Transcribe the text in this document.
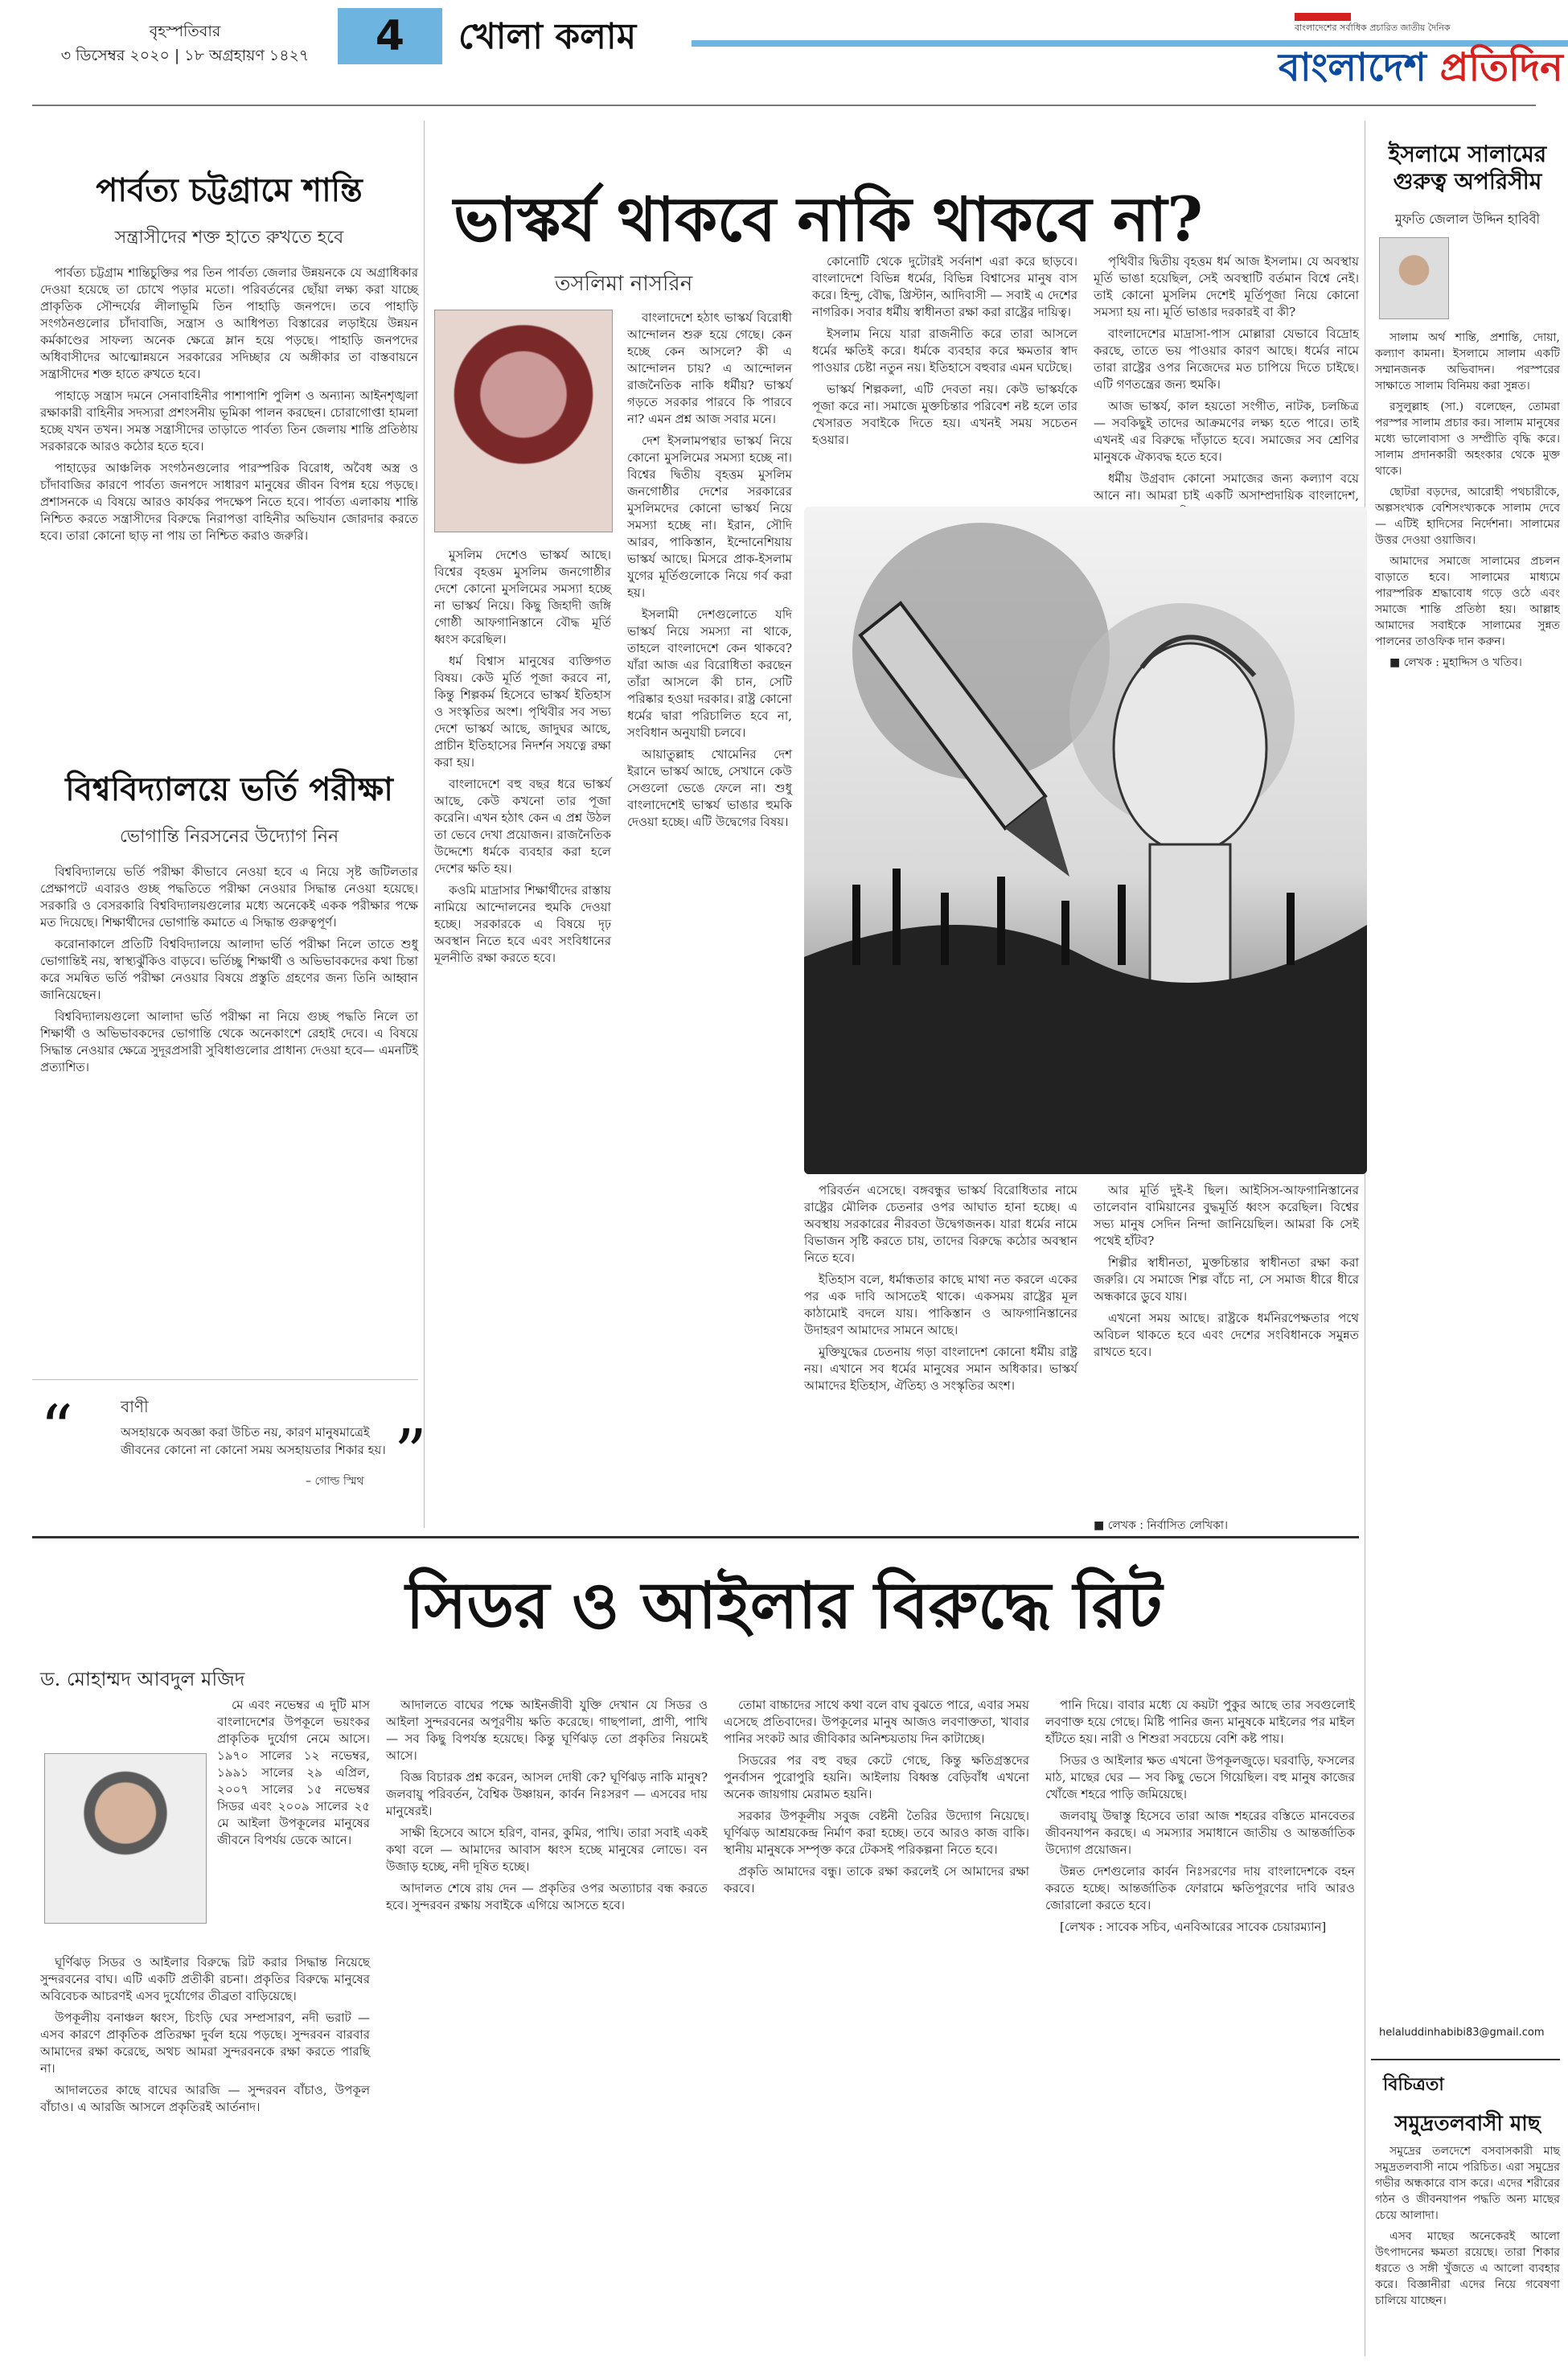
বৃহস্পতিবার
৩ ডিসেম্বর ২০২০ | ১৮ অগ্রহায়ণ ১৪২৭	4	খোলা কলাম	বাংলাদেশের সর্বাধিক প্রচারিত জাতীয় দৈনিক
বাংলাদেশ প্রতিদিন
পার্বত্য চট্টগ্রামে শান্তি
সন্ত্রাসীদের শক্ত হাতে রুখতে হবে

পার্বত্য চট্টগ্রাম শান্তিচুক্তির পর তিন পার্বত্য জেলার উন্নয়নকে যে অগ্রাধিকার দেওয়া হয়েছে তা চোখে পড়ার মতো। পরিবর্তনের ছোঁয়া লক্ষ্য করা যাচ্ছে প্রাকৃতিক সৌন্দর্যের লীলাভূমি তিন পাহাড়ি জনপদে। তবে পাহাড়ি সংগঠনগুলোর চাঁদাবাজি, সন্ত্রাস ও আধিপত্য বিস্তারের লড়াইয়ে উন্নয়ন কর্মকাণ্ডের সাফল্য অনেক ক্ষেত্রে ম্লান হয়ে পড়ছে। পাহাড়ি জনপদের অধিবাসীদের আত্মোন্নয়নে সরকারের সদিচ্ছার যে অঙ্গীকার তা বাস্তবায়নে সন্ত্রাসীদের শক্ত হাতে রুখতে হবে।

পাহাড়ে সন্ত্রাস দমনে সেনাবাহিনীর পাশাপাশি পুলিশ ও অন্যান্য আইনশৃঙ্খলা রক্ষাকারী বাহিনীর সদস্যরা প্রশংসনীয় ভূমিকা পালন করছেন। চোরাগোপ্তা হামলা হচ্ছে যখন তখন। সমস্ত সন্ত্রাসীদের তাড়াতে পার্বত্য তিন জেলায় শান্তি প্রতিষ্ঠায় সরকারকে আরও কঠোর হতে হবে।

পাহাড়ের আঞ্চলিক সংগঠনগুলোর পারস্পরিক বিরোধ, অবৈধ অস্ত্র ও চাঁদাবাজির কারণে পার্বত্য জনপদে সাধারণ মানুষের জীবন বিপন্ন হয়ে পড়ছে। প্রশাসনকে এ বিষয়ে আরও কার্যকর পদক্ষেপ নিতে হবে। পার্বত্য এলাকায় শান্তি নিশ্চিত করতে সন্ত্রাসীদের বিরুদ্ধে নিরাপত্তা বাহিনীর অভিযান জোরদার করতে হবে। তারা কোনো ছাড় না পায় তা নিশ্চিত করাও জরুরি।

বিশ্ববিদ্যালয়ে ভর্তি পরীক্ষা
ভোগান্তি নিরসনের উদ্যোগ নিন

বিশ্ববিদ্যালয়ে ভর্তি পরীক্ষা কীভাবে নেওয়া হবে এ নিয়ে সৃষ্ট জটিলতার প্রেক্ষাপটে এবারও গুচ্ছ পদ্ধতিতে পরীক্ষা নেওয়ার সিদ্ধান্ত নেওয়া হয়েছে। সরকারি ও বেসরকারি বিশ্ববিদ্যালয়গুলোর মধ্যে অনেকেই একক পরীক্ষার পক্ষে মত দিয়েছে। শিক্ষার্থীদের ভোগান্তি কমাতে এ সিদ্ধান্ত গুরুত্বপূর্ণ।

করোনাকালে প্রতিটি বিশ্ববিদ্যালয়ে আলাদা ভর্তি পরীক্ষা নিলে তাতে শুধু ভোগান্তিই নয়, স্বাস্থ্যঝুঁকিও বাড়বে। ভর্তিচ্ছু শিক্ষার্থী ও অভিভাবকদের কথা চিন্তা করে সমন্বিত ভর্তি পরীক্ষা নেওয়ার বিষয়ে প্রস্তুতি গ্রহণের জন্য তিনি আহ্বান জানিয়েছেন।

বিশ্ববিদ্যালয়গুলো আলাদা ভর্তি পরীক্ষা না নিয়ে গুচ্ছ পদ্ধতি নিলে তা শিক্ষার্থী ও অভিভাবকদের ভোগান্তি থেকে অনেকাংশে রেহাই দেবে। এ বিষয়ে সিদ্ধান্ত নেওয়ার ক্ষেত্রে সুদূরপ্রসারী সুবিধাগুলোর প্রাধান্য দেওয়া হবে— এমনটিই প্রত্যাশিত।

“	বাণী
অসহায়কে অবজ্ঞা করা উচিত নয়, কারণ মানুষমাত্রেই জীবনের কোনো না কোনো সময় অসহায়তার শিকার হয়।
– গোল্ড স্মিথ ”
ভাস্কর্য থাকবে নাকি থাকবে না?
তসলিমা নাসরিন

বাংলাদেশে হঠাৎ ভাস্কর্য বিরোধী আন্দোলন শুরু হয়ে গেছে। কেন হচ্ছে কেন আসলে? কী এ আন্দোলন চায়? এ আন্দোলন রাজনৈতিক নাকি ধর্মীয়? ভাস্কর্য গড়তে সরকার পারবে কি পারবে না? এমন প্রশ্ন আজ সবার মনে।

দেশ ইসলামপন্থার ভাস্কর্য নিয়ে কোনো মুসলিমের সমস্যা হচ্ছে না। বিশ্বের দ্বিতীয় বৃহত্তম মুসলিম জনগোষ্ঠীর দেশের সরকারের মুসলিমদের কোনো ভাস্কর্য নিয়ে সমস্যা হচ্ছে না। ইরান, সৌদি আরব, পাকিস্তান, ইন্দোনেশিয়ায় ভাস্কর্য আছে। মিসরে প্রাক-ইসলাম যুগের মূর্তিগুলোকে নিয়ে গর্ব করা হয়।

ইসলামী দেশগুলোতে যদি ভাস্কর্য নিয়ে সমস্যা না থাকে, তাহলে বাংলাদেশে কেন থাকবে? যাঁরা আজ এর বিরোধিতা করছেন তাঁরা আসলে কী চান, সেটি পরিষ্কার হওয়া দরকার। রাষ্ট্র কোনো ধর্মের দ্বারা পরিচালিত হবে না, সংবিধান অনুযায়ী চলবে।

আয়াতুল্লাহ খোমেনির দেশ ইরানে ভাস্কর্য আছে, সেখানে কেউ সেগুলো ভেঙে ফেলে না। শুধু বাংলাদেশেই ভাস্কর্য ভাঙার হুমকি দেওয়া হচ্ছে। এটি উদ্বেগের বিষয়।

মুসলিম দেশেও ভাস্কর্য আছে। বিশ্বের বৃহত্তম মুসলিম জনগোষ্ঠীর দেশে কোনো মুসলিমের সমস্যা হচ্ছে না ভাস্কর্য নিয়ে। কিছু জিহাদী জঙ্গি গোষ্ঠী আফগানিস্তানে বৌদ্ধ মূর্তি ধ্বংস করেছিল।

ধর্ম বিশ্বাস মানুষের ব্যক্তিগত বিষয়। কেউ মূর্তি পূজা করবে না, কিন্তু শিল্পকর্ম হিসেবে ভাস্কর্য ইতিহাস ও সংস্কৃতির অংশ। পৃথিবীর সব সভ্য দেশে ভাস্কর্য আছে, জাদুঘর আছে, প্রাচীন ইতিহাসের নিদর্শন সযত্নে রক্ষা করা হয়।

বাংলাদেশে বহু বছর ধরে ভাস্কর্য আছে, কেউ কখনো তার পূজা করেনি। এখন হঠাৎ কেন এ প্রশ্ন উঠল তা ভেবে দেখা প্রয়োজন। রাজনৈতিক উদ্দেশ্যে ধর্মকে ব্যবহার করা হলে দেশের ক্ষতি হয়।

কওমি মাদ্রাসার শিক্ষার্থীদের রাস্তায় নামিয়ে আন্দোলনের হুমকি দেওয়া হচ্ছে। সরকারকে এ বিষয়ে দৃঢ় অবস্থান নিতে হবে এবং সংবিধানের মূলনীতি রক্ষা করতে হবে।

কোনোটি থেকে দুটোরই সর্বনাশ এরা করে ছাড়বে। বাংলাদেশে বিভিন্ন ধর্মের, বিভিন্ন বিশ্বাসের মানুষ বাস করে। হিন্দু, বৌদ্ধ, খ্রিস্টান, আদিবাসী — সবাই এ দেশের নাগরিক। সবার ধর্মীয় স্বাধীনতা রক্ষা করা রাষ্ট্রের দায়িত্ব।

ইসলাম নিয়ে যারা রাজনীতি করে তারা আসলে ধর্মের ক্ষতিই করে। ধর্মকে ব্যবহার করে ক্ষমতার স্বাদ পাওয়ার চেষ্টা নতুন নয়। ইতিহাসে বহুবার এমন ঘটেছে।

ভাস্কর্য শিল্পকলা, এটি দেবতা নয়। কেউ ভাস্কর্যকে পূজা করে না। সমাজে মুক্তচিন্তার পরিবেশ নষ্ট হলে তার খেসারত সবাইকে দিতে হয়। এখনই সময় সচেতন হওয়ার।

পৃথিবীর দ্বিতীয় বৃহত্তম ধর্ম আজ ইসলাম। যে অবস্থায় মূর্তি ভাঙা হয়েছিল, সেই অবস্থাটি বর্তমান বিশ্বে নেই। তাই কোনো মুসলিম দেশেই মূর্তিপূজা নিয়ে কোনো সমস্যা হয় না। মূর্তি ভাঙার দরকারই বা কী?

বাংলাদেশের মাদ্রাসা-পাস মোল্লারা যেভাবে বিদ্রোহ করছে, তাতে ভয় পাওয়ার কারণ আছে। ধর্মের নামে তারা রাষ্ট্রের ওপর নিজেদের মত চাপিয়ে দিতে চাইছে। এটি গণতন্ত্রের জন্য হুমকি।

আজ ভাস্কর্য, কাল হয়তো সংগীত, নাটক, চলচ্চিত্র — সবকিছুই তাদের আক্রমণের লক্ষ্য হতে পারে। তাই এখনই এর বিরুদ্ধে দাঁড়াতে হবে। সমাজের সব শ্রেণির মানুষকে ঐক্যবদ্ধ হতে হবে।

ধর্মীয় উগ্রবাদ কোনো সমাজের জন্য কল্যাণ বয়ে আনে না। আমরা চাই একটি অসাম্প্রদায়িক বাংলাদেশ,

পরিবর্তন এসেছে। বঙ্গবন্ধুর ভাস্কর্য বিরোধিতার নামে রাষ্ট্রের মৌলিক চেতনার ওপর আঘাত হানা হচ্ছে। এ অবস্থায় সরকারের নীরবতা উদ্বেগজনক। যারা ধর্মের নামে বিভাজন সৃষ্টি করতে চায়, তাদের বিরুদ্ধে কঠোর অবস্থান নিতে হবে।

ইতিহাস বলে, ধর্মান্ধতার কাছে মাথা নত করলে একের পর এক দাবি আসতেই থাকে। একসময় রাষ্ট্রের মূল কাঠামোই বদলে যায়। পাকিস্তান ও আফগানিস্তানের উদাহরণ আমাদের সামনে আছে।

মুক্তিযুদ্ধের চেতনায় গড়া বাংলাদেশ কোনো ধর্মীয় রাষ্ট্র নয়। এখানে সব ধর্মের মানুষের সমান অধিকার। ভাস্কর্য আমাদের ইতিহাস, ঐতিহ্য ও সংস্কৃতির অংশ।

আর মূর্তি দুই-ই ছিল। আইসিস-আফগানিস্তানের তালেবান বামিয়ানের বুদ্ধমূর্তি ধ্বংস করেছিল। বিশ্বের সভ্য মানুষ সেদিন নিন্দা জানিয়েছিল। আমরা কি সেই পথেই হাঁটব?

শিল্পীর স্বাধীনতা, মুক্তচিন্তার স্বাধীনতা রক্ষা করা জরুরি। যে সমাজে শিল্প বাঁচে না, সে সমাজ ধীরে ধীরে অন্ধকারে ডুবে যায়।

এখনো সময় আছে। রাষ্ট্রকে ধর্মনিরপেক্ষতার পথে অবিচল থাকতে হবে এবং দেশের সংবিধানকে সমুন্নত রাখতে হবে।

■ লেখক : নির্বাসিত লেখিকা।
ইসলামে সালামের গুরুত্ব অপরিসীম
মুফতি জেলাল উদ্দিন হাবিবী

সালাম অর্থ শান্তি, প্রশান্তি, দোয়া, কল্যাণ কামনা। ইসলামে সালাম একটি সম্মানজনক অভিবাদন। পরস্পরের সাক্ষাতে সালাম বিনিময় করা সুন্নত।

রসুলুল্লাহ (সা.) বলেছেন, তোমরা পরস্পর সালাম প্রচার কর। সালাম মানুষের মধ্যে ভালোবাসা ও সম্প্রীতি বৃদ্ধি করে। সালাম প্রদানকারী অহংকার থেকে মুক্ত থাকে।

ছোটরা বড়দের, আরোহী পথচারীকে, অল্পসংখ্যক বেশিসংখ্যককে সালাম দেবে — এটিই হাদিসের নির্দেশনা। সালামের উত্তর দেওয়া ওয়াজিব।

আমাদের সমাজে সালামের প্রচলন বাড়াতে হবে। সালামের মাধ্যমে পারস্পরিক শ্রদ্ধাবোধ গড়ে ওঠে এবং সমাজে শান্তি প্রতিষ্ঠা হয়। আল্লাহ আমাদের সবাইকে সালামের সুন্নত পালনের তাওফিক দান করুন।

■ লেখক : মুহাদ্দিস ও খতিব।

helaluddinhabibi83@gmail.com
বিচিত্রতা
সমুদ্রতলবাসী মাছ

সমুদ্রের তলদেশে বসবাসকারী মাছ সমুদ্রতলবাসী নামে পরিচিত। এরা সমুদ্রের গভীর অন্ধকারে বাস করে। এদের শরীরের গঠন ও জীবনযাপন পদ্ধতি অন্য মাছের চেয়ে আলাদা।

এসব মাছের অনেকেরই আলো উৎপাদনের ক্ষমতা রয়েছে। তারা শিকার ধরতে ও সঙ্গী খুঁজতে এ আলো ব্যবহার করে। বিজ্ঞানীরা এদের নিয়ে গবেষণা চালিয়ে যাচ্ছেন।

সিডর ও আইলার বিরুদ্ধে রিট
ড. মোহাম্মদ আবদুল মজিদ

মে এবং নভেম্বর এ দুটি মাস বাংলাদেশের উপকূলে ভয়ংকর প্রাকৃতিক দুর্যোগ নেমে আসে। ১৯৭০ সালের ১২ নভেম্বর, ১৯৯১ সালের ২৯ এপ্রিল, ২০০৭ সালের ১৫ নভেম্বর সিডর এবং ২০০৯ সালের ২৫ মে আইলা উপকূলের মানুষের জীবনে বিপর্যয় ডেকে আনে।

ঘূর্ণিঝড় সিডর ও আইলার বিরুদ্ধে রিট করার সিদ্ধান্ত নিয়েছে সুন্দরবনের বাঘ। এটি একটি প্রতীকী রচনা। প্রকৃতির বিরুদ্ধে মানুষের অবিবেচক আচরণই এসব দুর্যোগের তীব্রতা বাড়িয়েছে।

উপকূলীয় বনাঞ্চল ধ্বংস, চিংড়ি ঘের সম্প্রসারণ, নদী ভরাট — এসব কারণে প্রাকৃতিক প্রতিরক্ষা দুর্বল হয়ে পড়ছে। সুন্দরবন বারবার আমাদের রক্ষা করেছে, অথচ আমরা সুন্দরবনকে রক্ষা করতে পারছি না।

আদালতের কাছে বাঘের আরজি — সুন্দরবন বাঁচাও, উপকূল বাঁচাও। এ আরজি আসলে প্রকৃতিরই আর্তনাদ।

আদালতে বাঘের পক্ষে আইনজীবী যুক্তি দেখান যে সিডর ও আইলা সুন্দরবনের অপূরণীয় ক্ষতি করেছে। গাছপালা, প্রাণী, পাখি — সব কিছু বিপর্যস্ত হয়েছে। কিন্তু ঘূর্ণিঝড় তো প্রকৃতির নিয়মেই আসে।

বিজ্ঞ বিচারক প্রশ্ন করেন, আসল দোষী কে? ঘূর্ণিঝড় নাকি মানুষ? জলবায়ু পরিবর্তন, বৈশ্বিক উষ্ণায়ন, কার্বন নিঃসরণ — এসবের দায় মানুষেরই।

সাক্ষী হিসেবে আসে হরিণ, বানর, কুমির, পাখি। তারা সবাই একই কথা বলে — আমাদের আবাস ধ্বংস হচ্ছে মানুষের লোভে। বন উজাড় হচ্ছে, নদী দূষিত হচ্ছে।

আদালত শেষে রায় দেন — প্রকৃতির ওপর অত্যাচার বন্ধ করতে হবে। সুন্দরবন রক্ষায় সবাইকে এগিয়ে আসতে হবে।

তোমা বাচ্চাদের সাথে কথা বলে বাঘ বুঝতে পারে, এবার সময় এসেছে প্রতিবাদের। উপকূলের মানুষ আজও লবণাক্ততা, খাবার পানির সংকট আর জীবিকার অনিশ্চয়তায় দিন কাটাচ্ছে।

সিডরের পর বহু বছর কেটে গেছে, কিন্তু ক্ষতিগ্রস্তদের পুনর্বাসন পুরোপুরি হয়নি। আইলায় বিধ্বস্ত বেড়িবাঁধ এখনো অনেক জায়গায় মেরামত হয়নি।

সরকার উপকূলীয় সবুজ বেষ্টনী তৈরির উদ্যোগ নিয়েছে। ঘূর্ণিঝড় আশ্রয়কেন্দ্র নির্মাণ করা হচ্ছে। তবে আরও কাজ বাকি। স্থানীয় মানুষকে সম্পৃক্ত করে টেকসই পরিকল্পনা নিতে হবে।

প্রকৃতি আমাদের বন্ধু। তাকে রক্ষা করলেই সে আমাদের রক্ষা করবে।

পানি দিয়ে। বাবার মধ্যে যে কয়টা পুকুর আছে তার সবগুলোই লবণাক্ত হয়ে গেছে। মিষ্টি পানির জন্য মানুষকে মাইলের পর মাইল হাঁটতে হয়। নারী ও শিশুরা সবচেয়ে বেশি কষ্ট পায়।

সিডর ও আইলার ক্ষত এখনো উপকূলজুড়ে। ঘরবাড়ি, ফসলের মাঠ, মাছের ঘের — সব কিছু ভেসে গিয়েছিল। বহু মানুষ কাজের খোঁজে শহরে পাড়ি জমিয়েছে।

জলবায়ু উদ্বাস্তু হিসেবে তারা আজ শহরের বস্তিতে মানবেতর জীবনযাপন করছে। এ সমস্যার সমাধানে জাতীয় ও আন্তর্জাতিক উদ্যোগ প্রয়োজন।

উন্নত দেশগুলোর কার্বন নিঃসরণের দায় বাংলাদেশকে বহন করতে হচ্ছে। আন্তর্জাতিক ফোরামে ক্ষতিপূরণের দাবি আরও জোরালো করতে হবে।

[লেখক : সাবেক সচিব, এনবিআরের সাবেক চেয়ারম্যান]
